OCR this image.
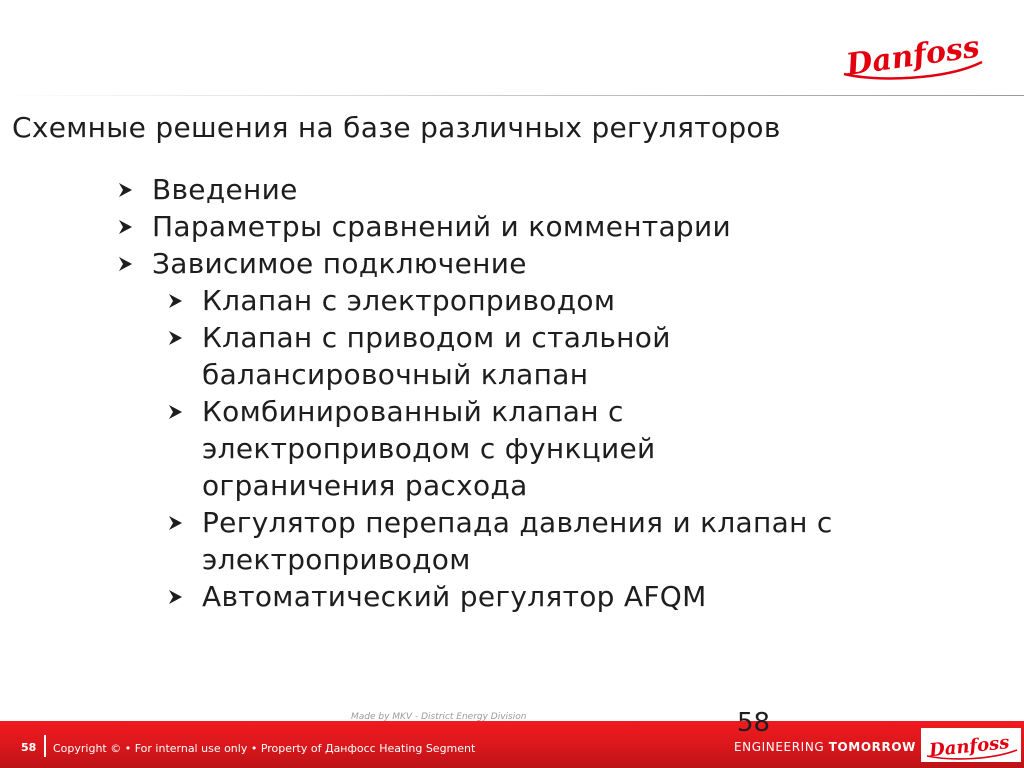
Danfoss
Схемные решения на базе различных регуляторов
Введение
Параметры сравнений и комментарии
Зависимое подключение
Клапан с электроприводом
Клапан с приводом и стальной балансировочный клапан
Комбинированный клапан с электроприводом с функцией ограничения расхода
Регулятор перепада давления и клапан с электроприводом
Автоматический регулятор AFQM

Made by MKV - District Energy Division	58

58 Copyright © • For internal use only • Property of Данфосс Heating Segment	ENGINEERING TOMORROW Danfoss
